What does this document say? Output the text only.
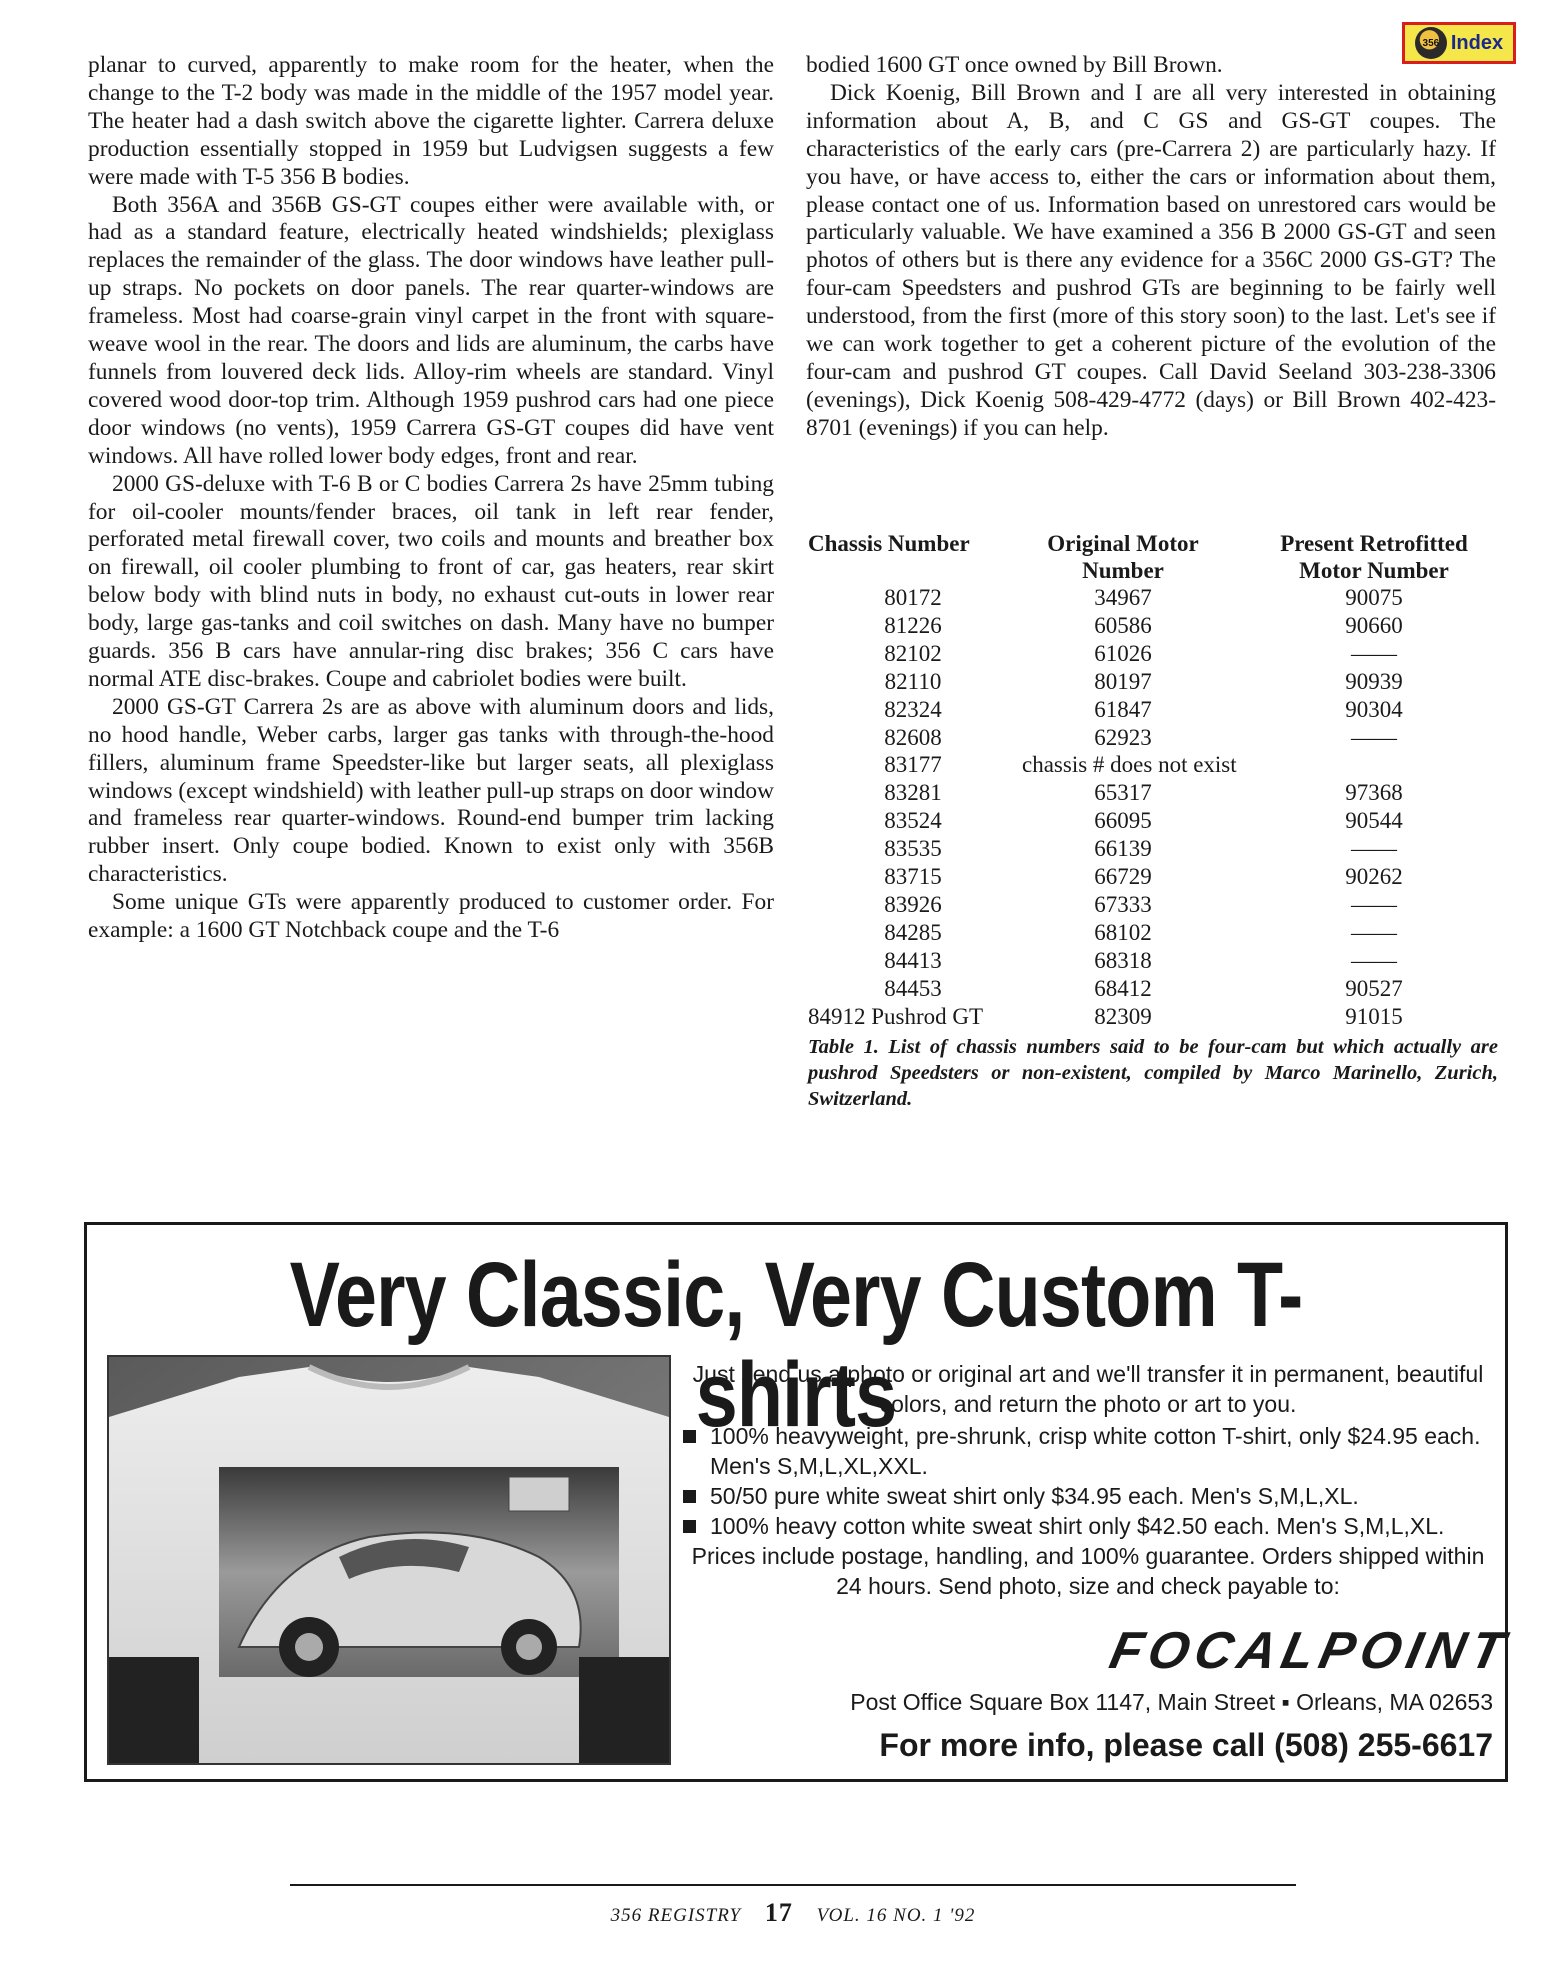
356 Index

planar to curved, apparently to make room for the heater, when the change to the T-2 body was made in the middle of the 1957 model year. The heater had a dash switch above the cigarette lighter. Carrera deluxe production essentially stopped in 1959 but Ludvigsen suggests a few were made with T-5 356 B bodies.

Both 356A and 356B GS-GT coupes either were available with, or had as a standard feature, electrically heated windshields; plexiglass replaces the remainder of the glass. The door windows have leather pull-up straps. No pockets on door panels. The rear quarter-windows are frameless. Most had coarse-grain vinyl carpet in the front with square-weave wool in the rear. The doors and lids are aluminum, the carbs have funnels from louvered deck lids. Alloy-rim wheels are standard. Vinyl covered wood door-top trim. Although 1959 pushrod cars had one piece door windows (no vents), 1959 Carrera GS-GT coupes did have vent windows. All have rolled lower body edges, front and rear.

2000 GS-deluxe with T-6 B or C bodies Carrera 2s have 25mm tubing for oil-cooler mounts/fender braces, oil tank in left rear fender, perforated metal firewall cover, two coils and mounts and breather box on firewall, oil cooler plumbing to front of car, gas heaters, rear skirt below body with blind nuts in body, no exhaust cut-outs in lower rear body, large gas-tanks and coil switches on dash. Many have no bumper guards. 356 B cars have annular-ring disc brakes; 356 C cars have normal ATE disc-brakes. Coupe and cabriolet bodies were built.

2000 GS-GT Carrera 2s are as above with aluminum doors and lids, no hood handle, Weber carbs, larger gas tanks with through-the-hood fillers, aluminum frame Speedster-like but larger seats, all plexiglass windows (except windshield) with leather pull-up straps on door window and frameless rear quarter-windows. Round-end bumper trim lacking rubber insert. Only coupe bodied. Known to exist only with 356B characteristics.

Some unique GTs were apparently produced to customer order. For example: a 1600 GT Notchback coupe and the T-6

bodied 1600 GT once owned by Bill Brown.

Dick Koenig, Bill Brown and I are all very interested in obtaining information about A, B, and C GS and GS-GT coupes. The characteristics of the early cars (pre-Carrera 2) are particularly hazy. If you have, or have access to, either the cars or information about them, please contact one of us. Information based on unrestored cars would be particularly valuable. We have examined a 356 B 2000 GS-GT and seen photos of others but is there any evidence for a 356C 2000 GS-GT? The four-cam Speedsters and pushrod GTs are beginning to be fairly well understood, from the first (more of this story soon) to the last. Let's see if we can work together to get a coherent picture of the evolution of the four-cam and pushrod GT coupes. Call David Seeland 303-238-3306 (evenings), Dick Koenig 508-429-4772 (days) or Bill Brown 402-423-8701 (evenings) if you can help.

Chassis Number	Original Motor Number	Present Retrofitted Motor Number
80172	34967	90075
81226	60586	90660
82102	61026	——
82110	80197	90939
82324	61847	90304
82608	62923	——
83177	chassis # does not exist	
83281	65317	97368
83524	66095	90544
83535	66139	——
83715	66729	90262
83926	67333	——
84285	68102	——
84413	68318	——
84453	68412	90527
84912 Pushrod GT	82309	91015
Table 1. List of chassis numbers said to be four-cam but which actually are pushrod Speedsters or non-existent, compiled by Marco Marinello, Zurich, Switzerland.
Very Classic, Very Custom T-shirts
Just send us a photo or original art and we'll transfer it in permanent, beautiful colors, and return the photo or art to you.
100% heavyweight, pre-shrunk, crisp white cotton T-shirt, only $24.95 each. Men's S,M,L,XL,XXL.
50/50 pure white sweat shirt only $34.95 each. Men's S,M,L,XL.
100% heavy cotton white sweat shirt only $42.50 each. Men's S,M,L,XL.
Prices include postage, handling, and 100% guarantee. Orders shipped within 24 hours. Send photo, size and check payable to:
FOCALPOINT
Post Office Square Box 1147, Main Street ▪ Orleans, MA 02653
For more info, please call (508) 255-6617
356 REGISTRY 17 VOL. 16 NO. 1 '92
